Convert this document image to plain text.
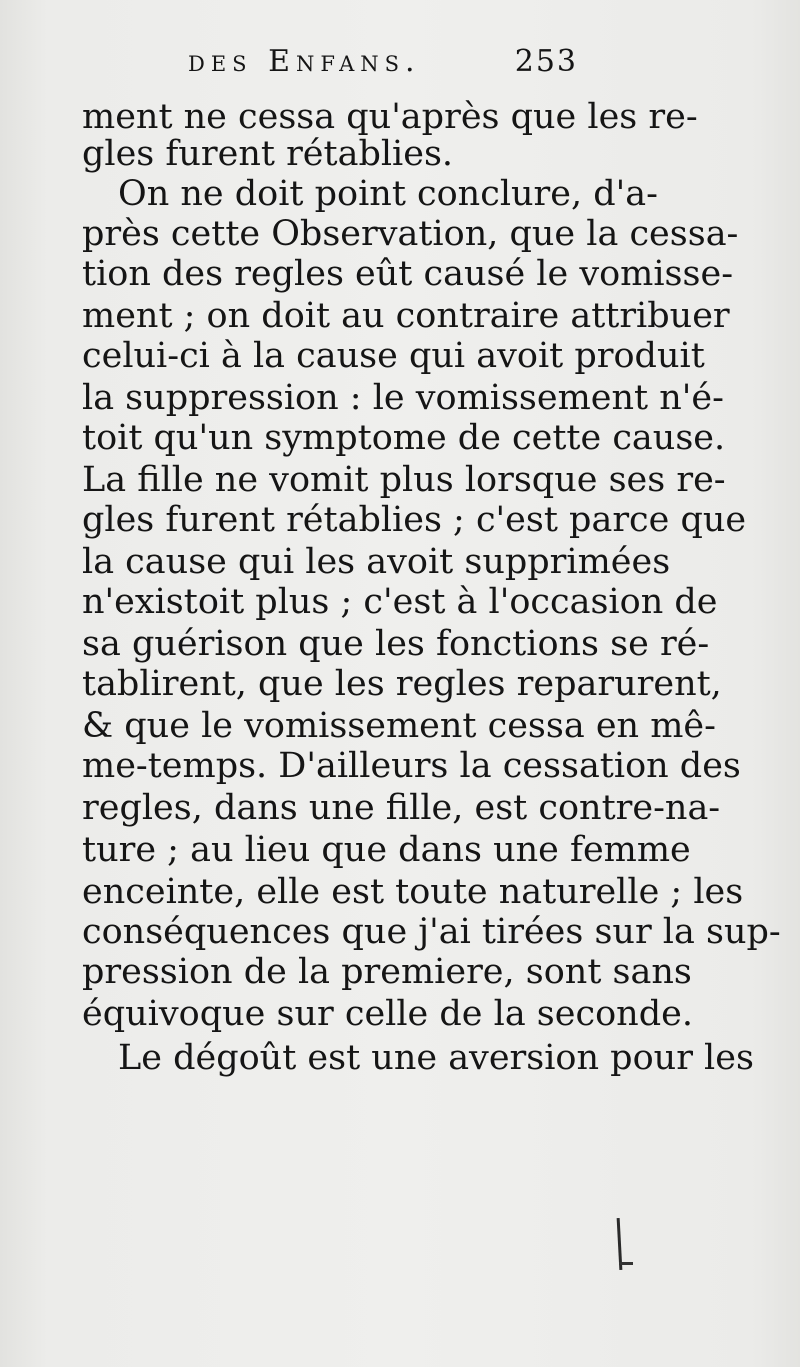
des Enfans.	253
ment ne cessa qu'après que les re-
gles furent rétablies.
On ne doit point conclure, d'a-
près cette Observation, que la cessa-
tion des regles eût causé le vomisse-
ment ; on doit au contraire attribuer
celui-ci à la cause qui avoit produit
la suppression : le vomissement n'é-
toit qu'un symptome de cette cause.
La fille ne vomit plus lorsque ses re-
gles furent rétablies ; c'est parce que
la cause qui les avoit supprimées
n'existoit plus ; c'est à l'occasion de
sa guérison que les fonctions se ré-
tablirent, que les regles reparurent,
& que le vomissement cessa en mê-
me-temps. D'ailleurs la cessation des
regles, dans une fille, est contre-na-
ture ; au lieu que dans une femme
enceinte, elle est toute naturelle ; les
conséquences que j'ai tirées sur la sup-
pression de la premiere, sont sans
équivoque sur celle de la seconde.
Le dégoût est une aversion pour les
